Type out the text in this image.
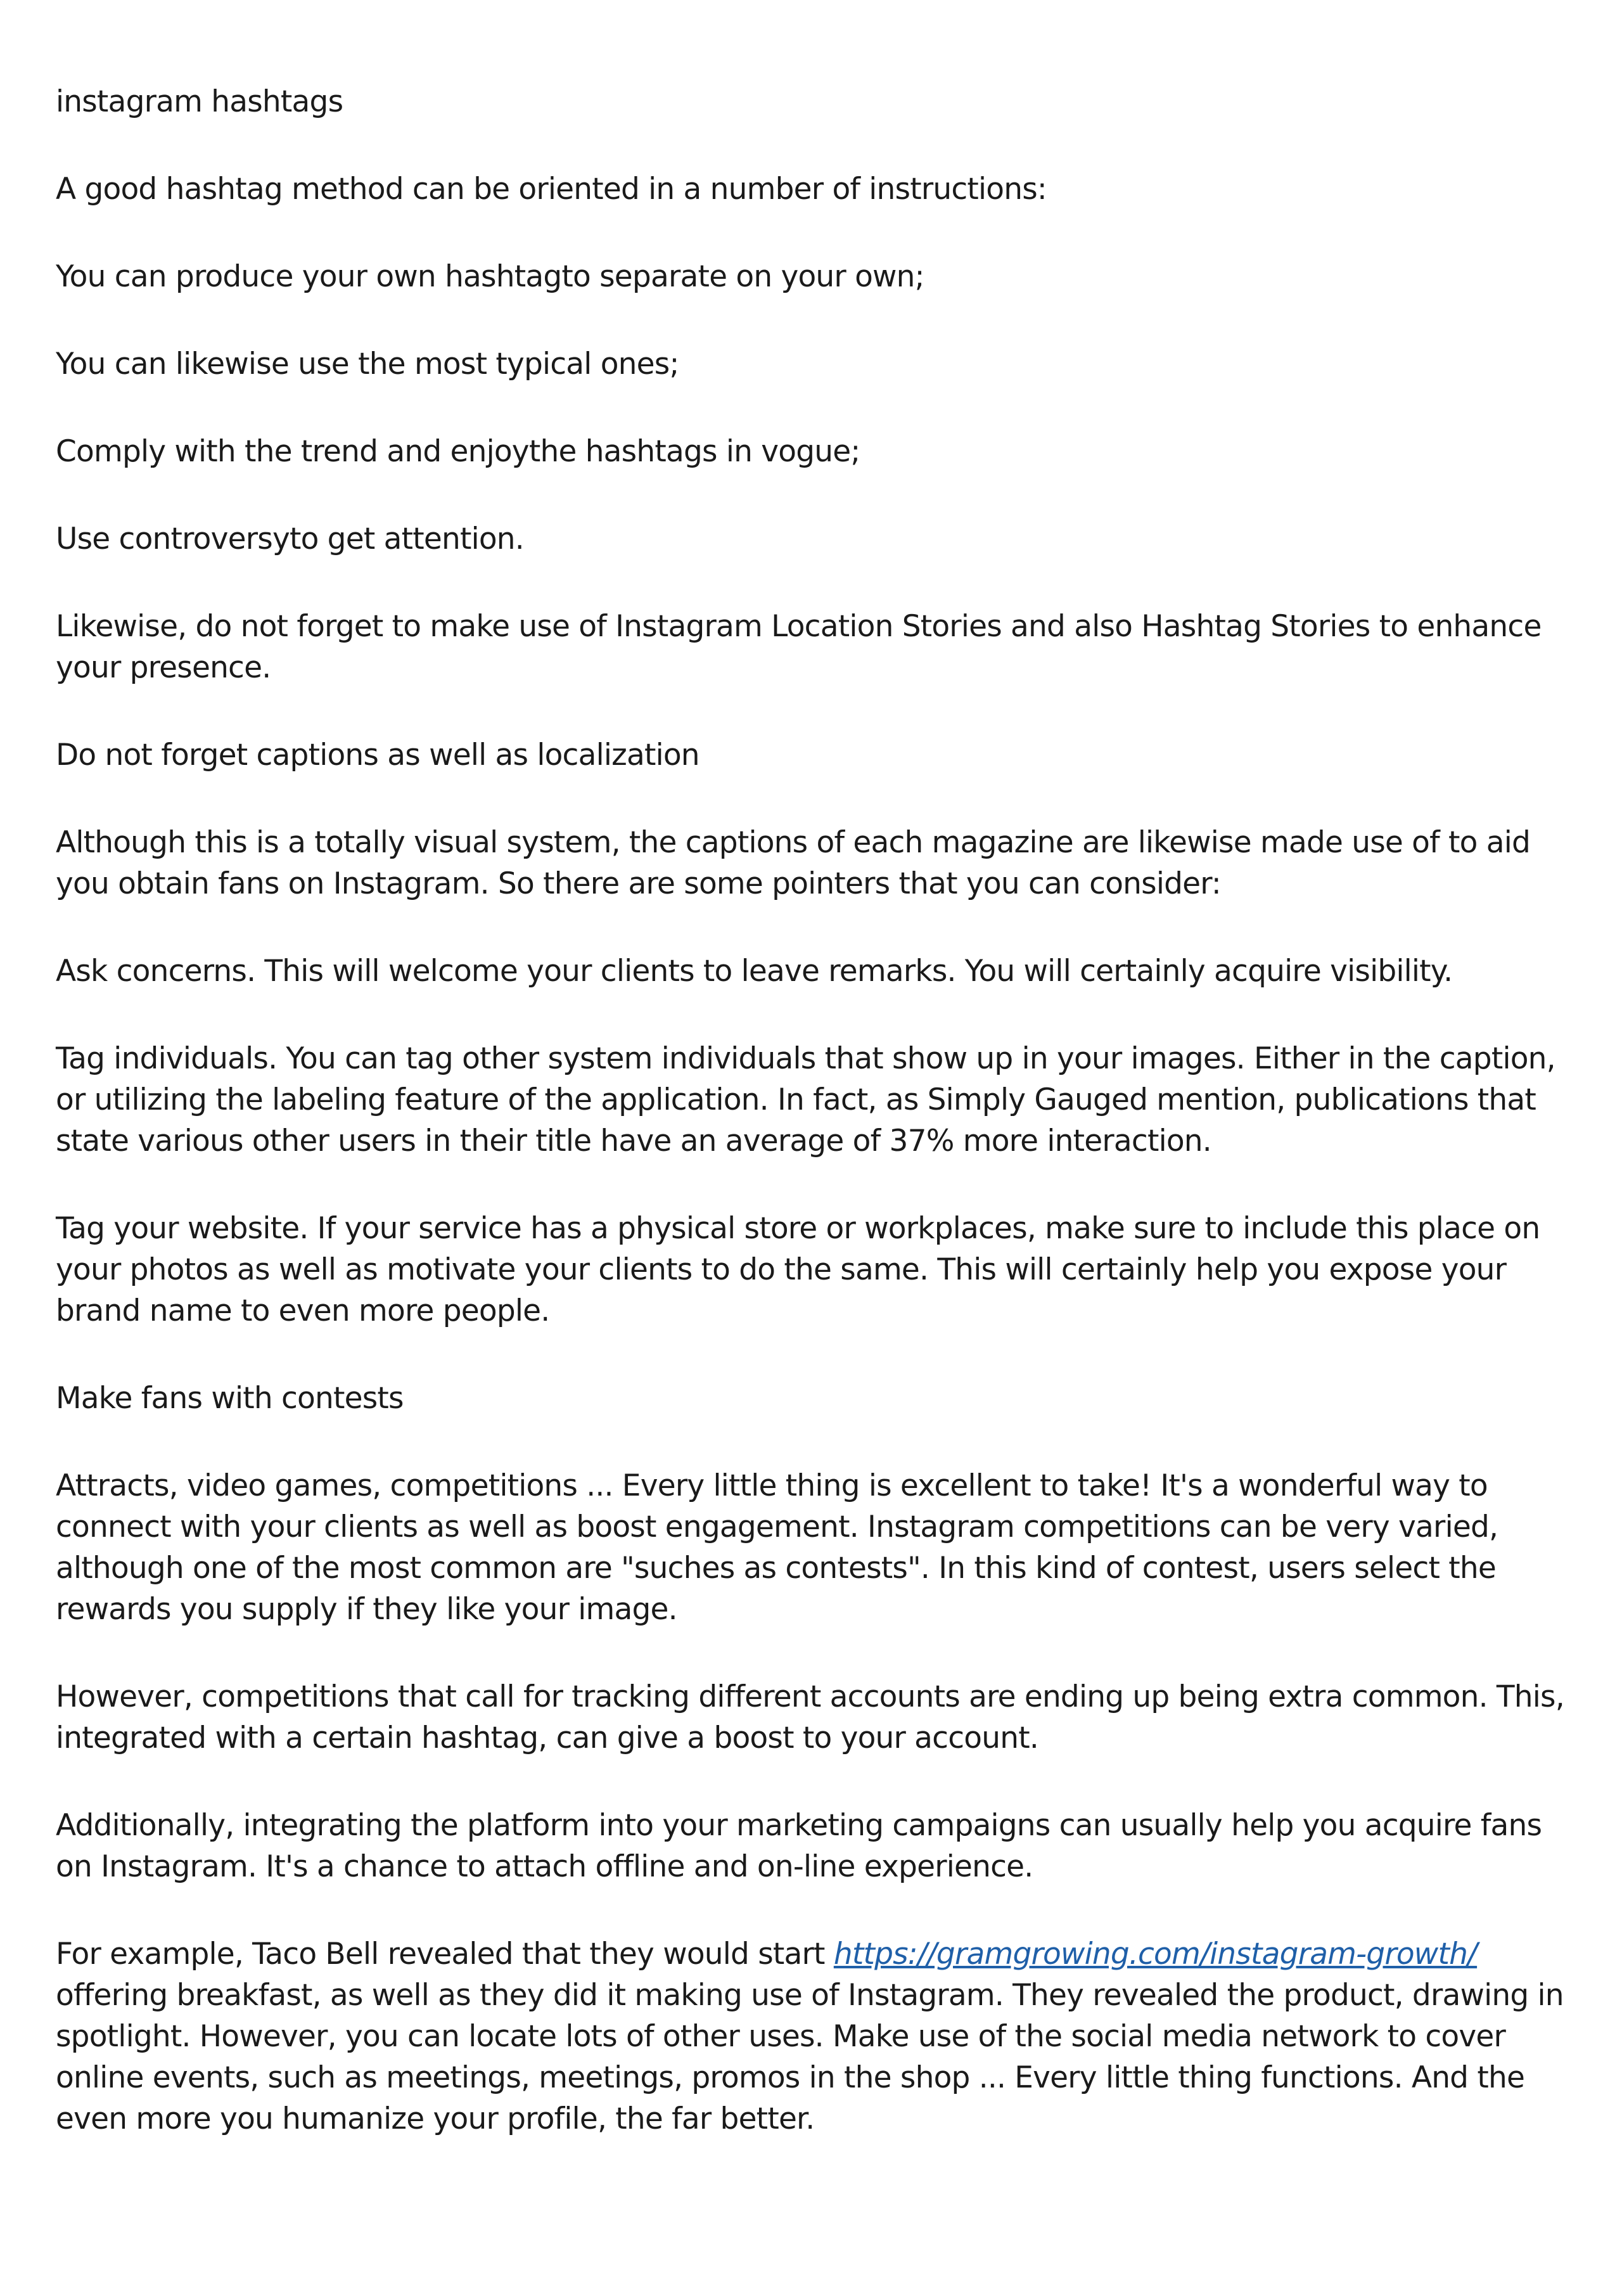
instagram hashtags

A good hashtag method can be oriented in a number of instructions:

You can produce your own hashtagto separate on your own;

You can likewise use the most typical ones;

Comply with the trend and enjoythe hashtags in vogue;

Use controversyto get attention.

Likewise, do not forget to make use of Instagram Location Stories and also Hashtag Stories to enhance your presence.

Do not forget captions as well as localization

Although this is a totally visual system, the captions of each magazine are likewise made use of to aid you obtain fans on Instagram. So there are some pointers that you can consider:

Ask concerns. This will welcome your clients to leave remarks. You will certainly acquire visibility.

Tag individuals. You can tag other system individuals that show up in your images. Either in the caption, or utilizing the labeling feature of the application. In fact, as Simply Gauged mention, publications that state various other users in their title have an average of 37% more interaction.

Tag your website. If your service has a physical store or workplaces, make sure to include this place on your photos as well as motivate your clients to do the same. This will certainly help you expose your brand name to even more people.

Make fans with contests

Attracts, video games, competitions ... Every little thing is excellent to take! It's a wonderful way to connect with your clients as well as boost engagement. Instagram competitions can be very varied, although one of the most common are "suches as contests". In this kind of contest, users select the rewards you supply if they like your image.

However, competitions that call for tracking different accounts are ending up being extra common. This, integrated with a certain hashtag, can give a boost to your account.

Additionally, integrating the platform into your marketing campaigns can usually help you acquire fans on Instagram. It's a chance to attach offline and on-line experience.

For example, Taco Bell revealed that they would start https://gramgrowing.com/instagram-growth/ offering breakfast, as well as they did it making use of Instagram. They revealed the product, drawing in spotlight. However, you can locate lots of other uses. Make use of the social media network to cover online events, such as meetings, meetings, promos in the shop ... Every little thing functions. And the even more you humanize your profile, the far better.
